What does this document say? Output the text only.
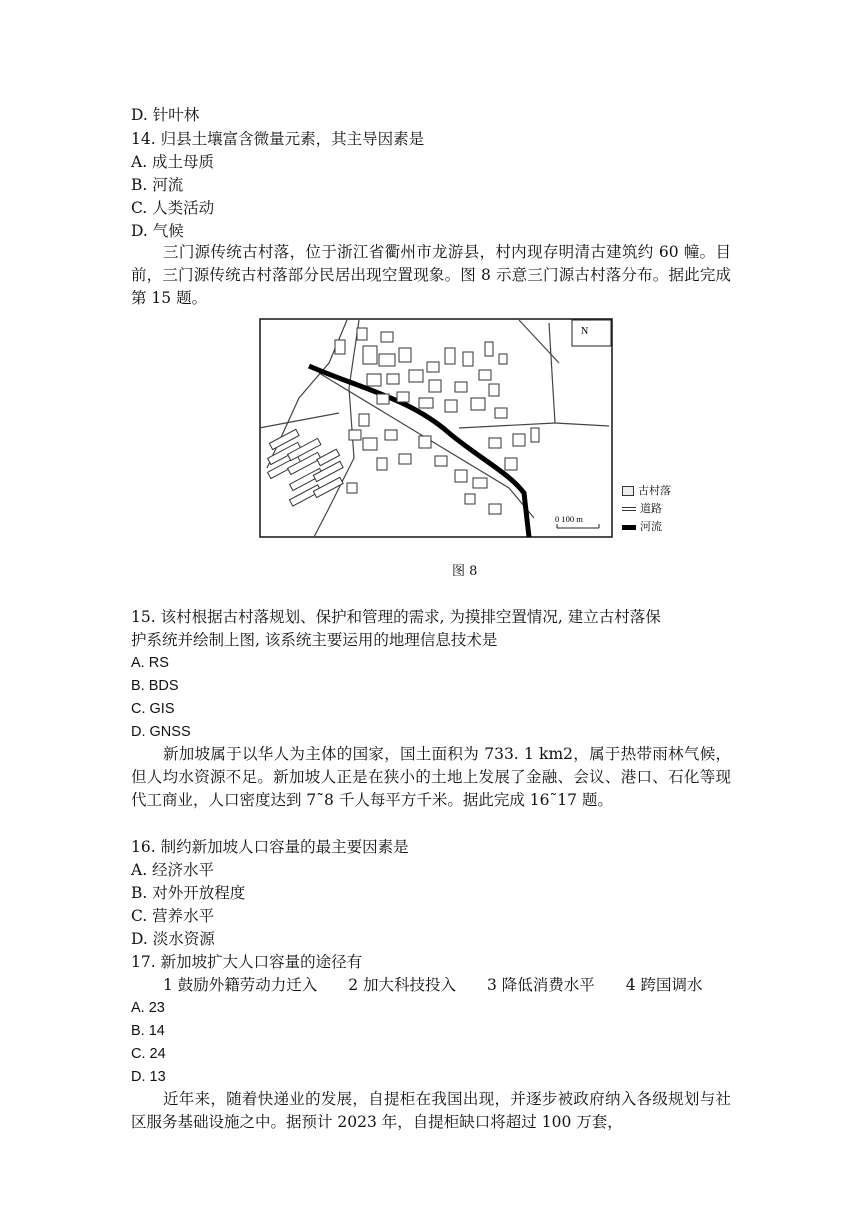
D. 针叶林
14. 归县土壤富含微量元素，其主导因素是
A. 成土母质
B. 河流
C. 人类活动
D. 气候
三门源传统古村落，位于浙江省衢州市龙游县，村内现存明清古建筑约 60 幢。目前，三门源传统古村落部分民居出现空置现象。图 8 示意三门源古村落分布。据此完成第 15 题。
N
0 100 m
古村落
道路
河流
图 8
15. 该村根据古村落规划、保护和管理的需求, 为摸排空置情况, 建立古村落保
护系统并绘制上图, 该系统主要运用的地理信息技术是
A. RS
B. BDS
C. GIS
D. GNSS
新加坡属于以华人为主体的国家，国土面积为 733. 1 km2，属于热带雨林气候，但人均水资源不足。新加坡人正是在狭小的土地上发展了金融、会议、港口、石化等现代工商业，人口密度达到 7˜8 千人每平方千米。据此完成 16˜17 题。
16. 制约新加坡人口容量的最主要因素是
A. 经济水平
B. 对外开放程度
C. 营养水平
D. 淡水资源
17. 新加坡扩大人口容量的途径有
1 鼓励外籍劳动力迁入 2 加大科技投入 3 降低消费水平 4 跨国调水
A. 23
B. 14
C. 24
D. 13
近年来，随着快递业的发展，自提柜在我国出现，并逐步被政府纳入各级规划与社区服务基础设施之中。据预计 2023 年，自提柜缺口将超过 100 万套，
